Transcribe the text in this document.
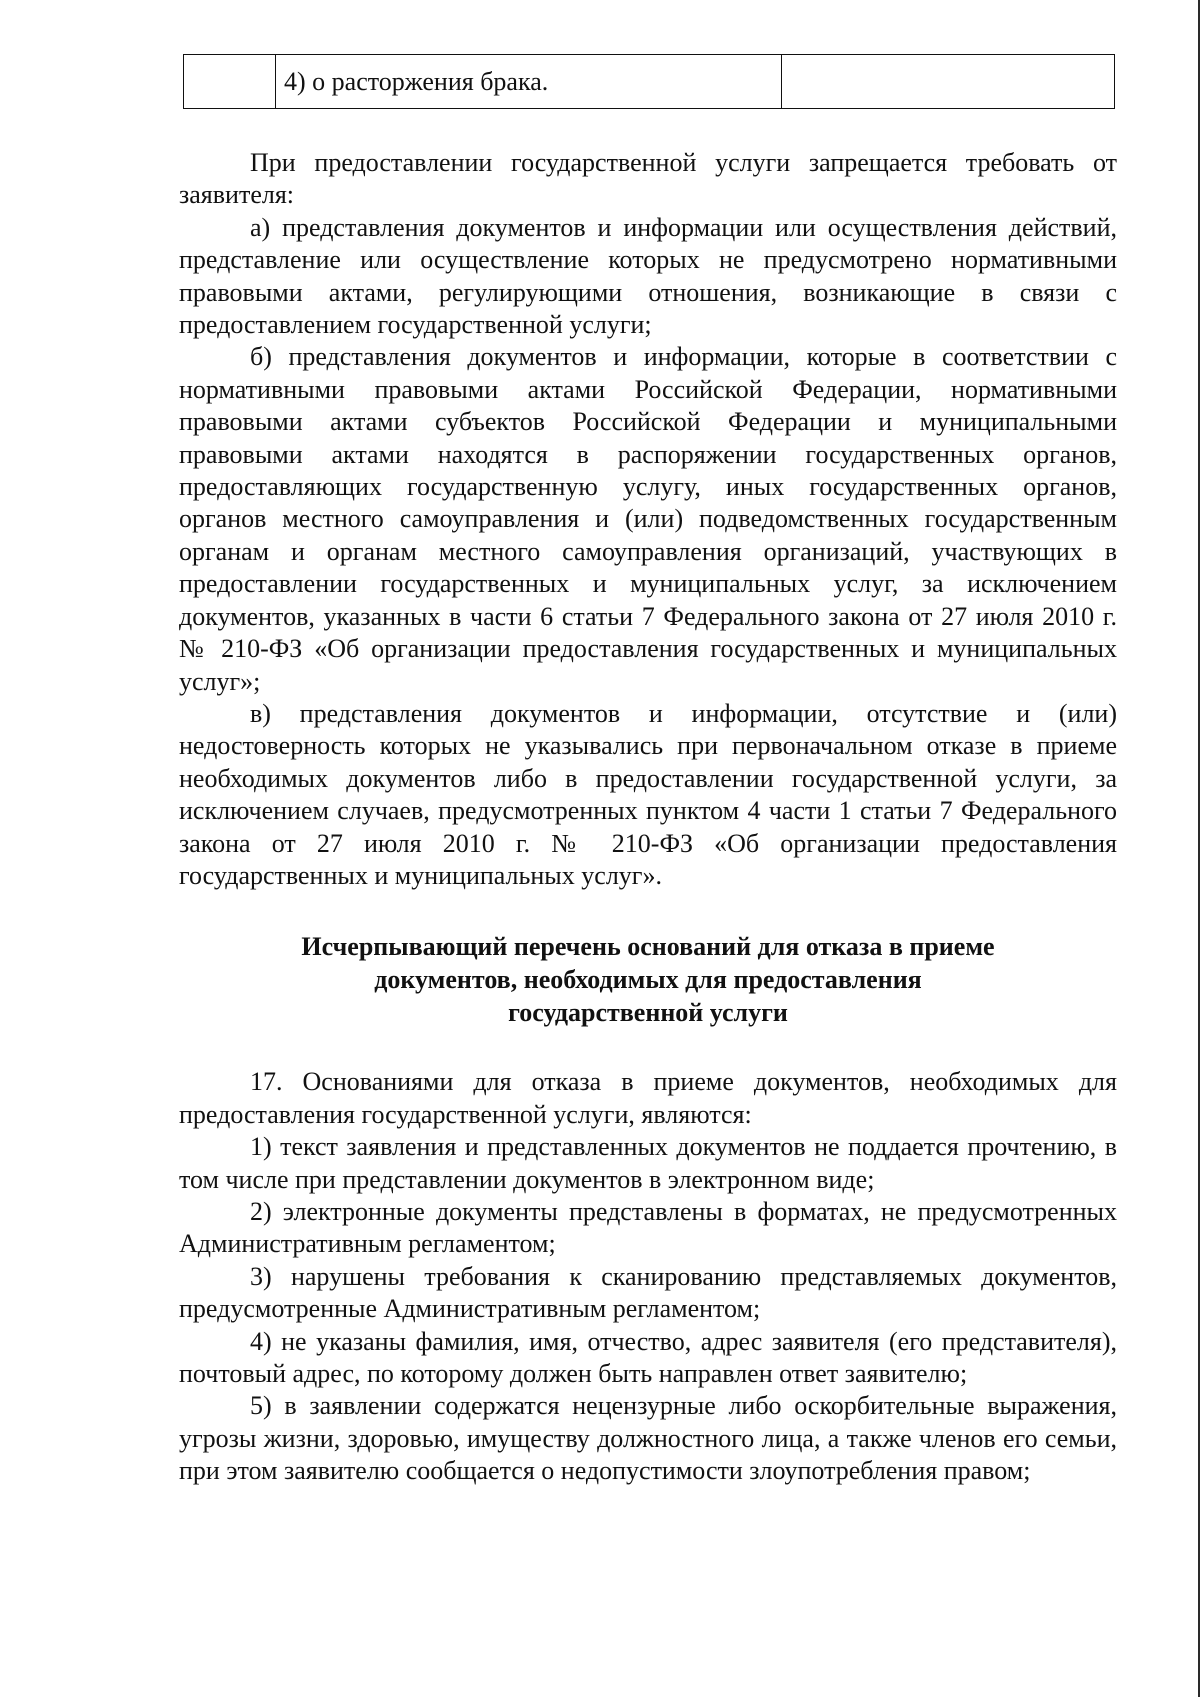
	4) о расторжения брака.	

При предоставлении государственной услуги запрещается требовать от заявителя:

а) представления документов и информации или осуществления действий, представление или осуществление которых не предусмотрено нормативными правовыми актами, регулирующими отношения, возникающие в связи с предоставлением государственной услуги;

б) представления документов и информации, которые в соответствии с нормативными правовыми актами Российской Федерации, нормативными правовыми актами субъектов Российской Федерации и муниципальными правовыми актами находятся в распоряжении государственных органов, предоставляющих государственную услугу, иных государственных органов, органов местного самоуправления и (или) подведомственных государственным органам и органам местного самоуправления организаций, участвующих в предоставлении государственных и муниципальных услуг, за исключением документов, указанных в части 6 статьи 7 Федерального закона от 27 июля 2010 г. № 210-ФЗ «Об организации предоставления государственных и муниципальных услуг»;

в) представления документов и информации, отсутствие и (или) недостоверность которых не указывались при первоначальном отказе в приеме необходимых документов либо в предоставлении государственной услуги, за исключением случаев, предусмотренных пунктом 4 части 1 статьи 7 Федерального закона от 27 июля 2010 г. № 210-ФЗ «Об организации предоставления государственных и муниципальных услуг».

Исчерпывающий перечень оснований для отказа в приеме
документов, необходимых для предоставления
государственной услуги

17. Основаниями для отказа в приеме документов, необходимых для предоставления государственной услуги, являются:

1) текст заявления и представленных документов не поддается прочтению, в том числе при представлении документов в электронном виде;

2) электронные документы представлены в форматах, не предусмотренных Административным регламентом;

3) нарушены требования к сканированию представляемых документов, предусмотренные Административным регламентом;

4) не указаны фамилия, имя, отчество, адрес заявителя (его представителя), почтовый адрес, по которому должен быть направлен ответ заявителю;

5) в заявлении содержатся нецензурные либо оскорбительные выражения, угрозы жизни, здоровью, имуществу должностного лица, а также членов его семьи, при этом заявителю сообщается о недопустимости злоупотребления правом;
